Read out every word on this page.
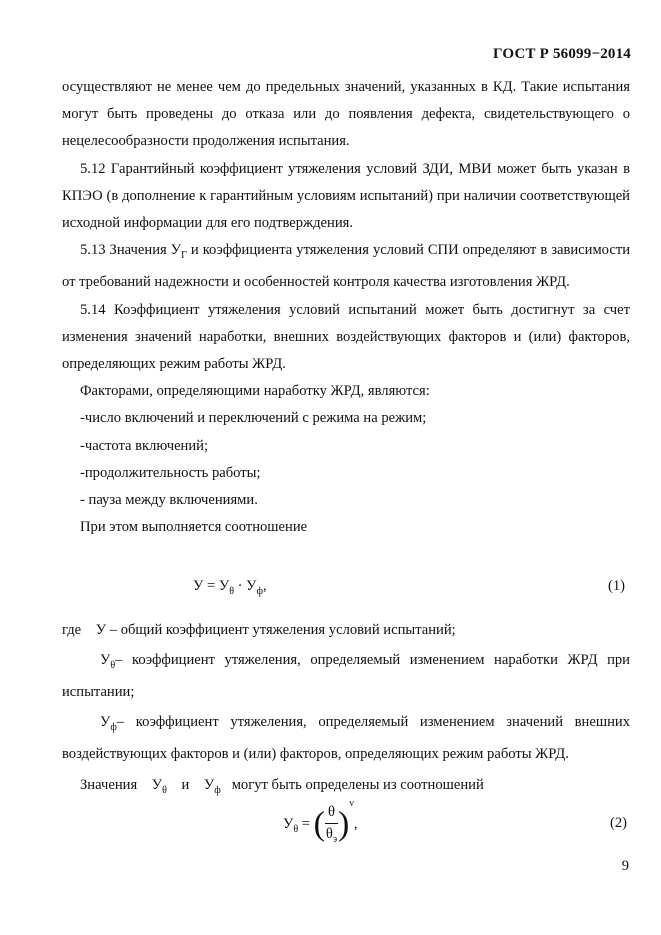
ГОСТ Р 56099−2014

осуществляют не менее чем до предельных значений, указанных в КД. Такие испытания могут быть проведены до отказа или до появления дефекта, свидетельствующего о нецелесообразности продолжения испытания.

5.12 Гарантийный коэффициент утяжеления условий ЗДИ, МВИ может быть указан в КПЭО (в дополнение к гарантийным условиям испытаний) при наличии соответствующей исходной информации для его подтверждения.

5.13 Значения $У_Г$ и коэффициента утяжеления условий СПИ определяют в зависимости от требований надежности и особенностей контроля качества изготовления ЖРД.

5.14 Коэффициент утяжеления условий испытаний может быть достигнут за счет изменения значений наработки, внешних воздействующих факторов и (или) факторов, определяющих режим работы ЖРД.

Факторами, определяющими наработку ЖРД, являются:

-число включений и переключений с режима на режим;

-частота включений;

-продолжительность работы;

- пауза между включениями.

При этом выполняется соотношение

$У = У_\theta \cdot У_ф$,	(1)

где У – общий коэффициент утяжеления условий испытаний;

$У_\theta-$ коэффициент утяжеления, определяемый изменением наработки ЖРД при испытании;

$У_ф-$ коэффициент утяжеления, определяемый изменением значений внешних воздействующих факторов и (или) факторов, определяющих режим работы ЖРД.

Значения $У_\theta$ и $У_ф$ могут быть определены из соотношений

$У_\theta$ = ( $\frac{\theta}{\theta_э} )^\nu$,	(2)
9
